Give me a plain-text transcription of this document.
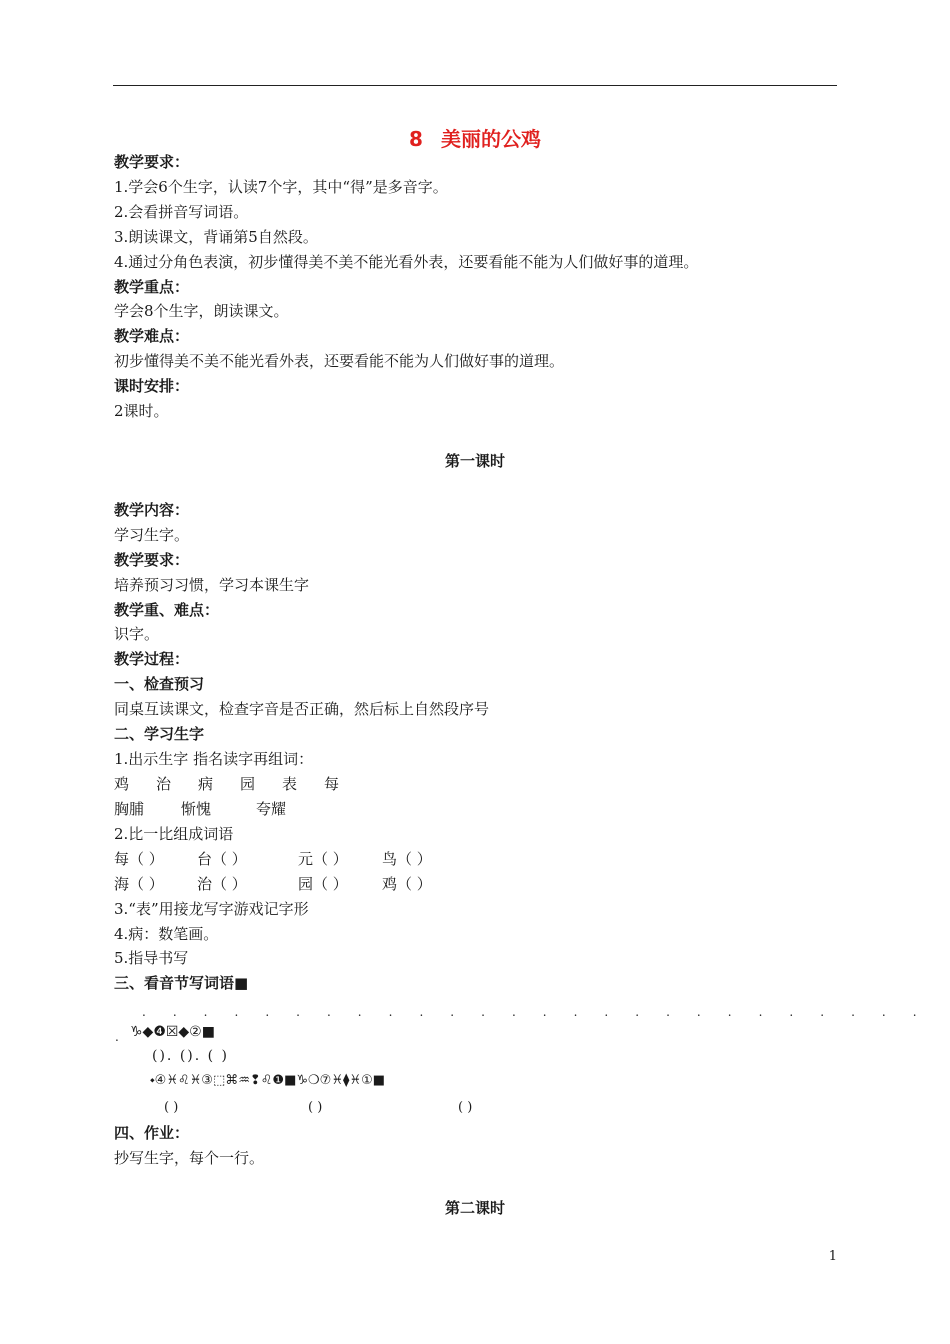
8 美丽的公鸡
教学要求：
1.学会6个生字，认读7个字，其中“得”是多音字。
2.会看拼音写词语。
3.朗读课文，背诵第5自然段。
4.通过分角色表演，初步懂得美不美不能光看外表，还要看能不能为人们做好事的道理。
教学重点：
学会8个生字，朗读课文。
教学难点：
初步懂得美不美不能光看外表，还要看能不能为人们做好事的道理。
课时安排：
2课时。
第一课时
教学内容：
学习生字。
教学要求：
培养预习习惯，学习本课生字
教学重、难点：
识字。
教学过程：
一、检查预习
同桌互读课文，检查字音是否正确，然后标上自然段序号
二、学习生字
1.出示生字 指名读字再组词：
鸡 治 病 园 表 每
胸脯 惭愧	夸耀
2.比一比组成词语
每（ ） 台（ ）	元（ ） 鸟（ ）
海（ ） 治（ ）	园（ ） 鸡（ ）
3.“表”用接龙写字游戏记字形
4.病：数笔画。
5.指导书写
三、看音节写词语■
. . . . . . . . . . . . . . . . . . . . . . . . . .
. ♑◆❹☒◆②■
(). (). ( )
⬩④♓♌♓③⬚⌘♒❢♌❶■♑❍⑦♓⧫♓①■
( )	( )	( )
四、作业：
抄写生字，每个一行。
第二课时
1
